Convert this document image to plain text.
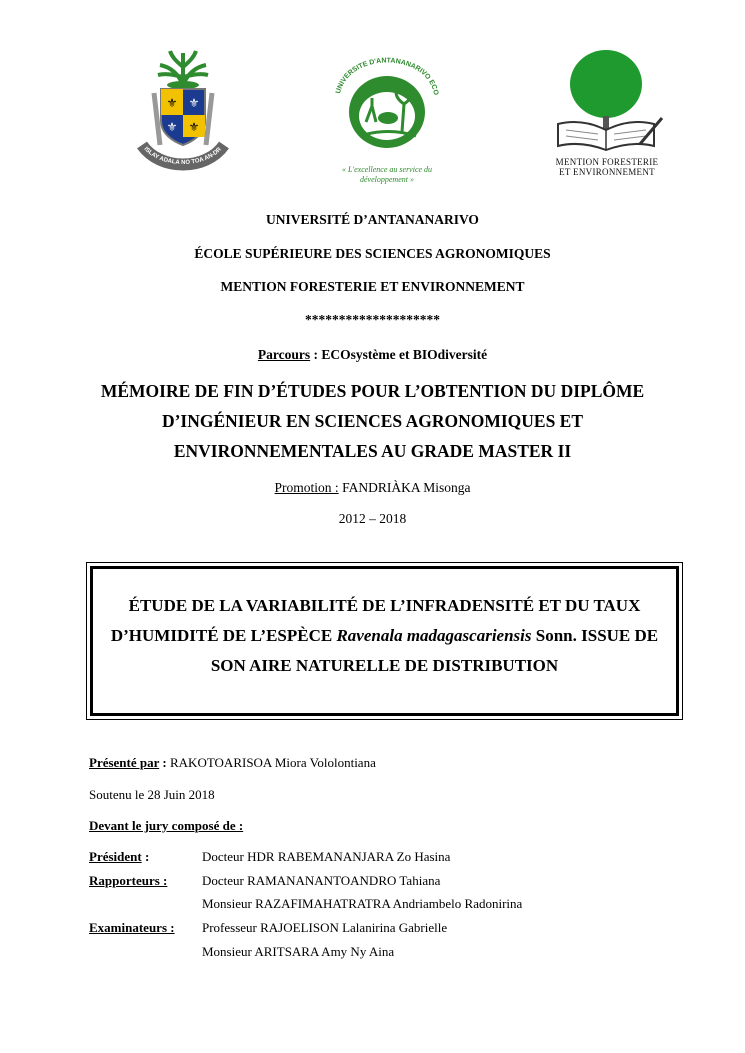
⚜ ⚜
⚜ ⚜
ISLAY ADALA NO TOA AN-DR
UNIVERSITE D'ANTANANARIVO ECO
« L'excellence au service du
développement »
MENTION FORESTERIE
ET ENVIRONNEMENT
UNIVERSITÉ D’ANTANANARIVO
ÉCOLE SUPÉRIEURE DES SCIENCES AGRONOMIQUES
MENTION FORESTERIE ET ENVIRONNEMENT
********************
Parcours : ECOsystème et BIOdiversité
MÉMOIRE DE FIN D’ÉTUDES POUR L’OBTENTION DU DIPLÔME
D’INGÉNIEUR EN SCIENCES AGRONOMIQUES ET
ENVIRONNEMENTALES AU GRADE MASTER II
Promotion : FANDRIÀKA Misonga
2012 – 2018
ÉTUDE DE LA VARIABILITÉ DE L’INFRADENSITÉ ET DU TAUX
D’HUMIDITÉ DE L’ESPÈCE Ravenala madagascariensis Sonn. ISSUE DE
SON AIRE NATURELLE DE DISTRIBUTION
Présenté par : RAKOTOARISOA Miora Vololontiana
Soutenu le 28 Juin 2018
Devant le jury composé de :
Président :	Docteur HDR RABEMANANJARA Zo Hasina
Rapporteurs :	Docteur RAMANANANTOANDRO Tahiana
Monsieur RAZAFIMAHATRATRA Andriambelo Radonirina
Examinateurs : Professeur RAJOELISON Lalanirina Gabrielle
Monsieur ARITSARA Amy Ny Aina
